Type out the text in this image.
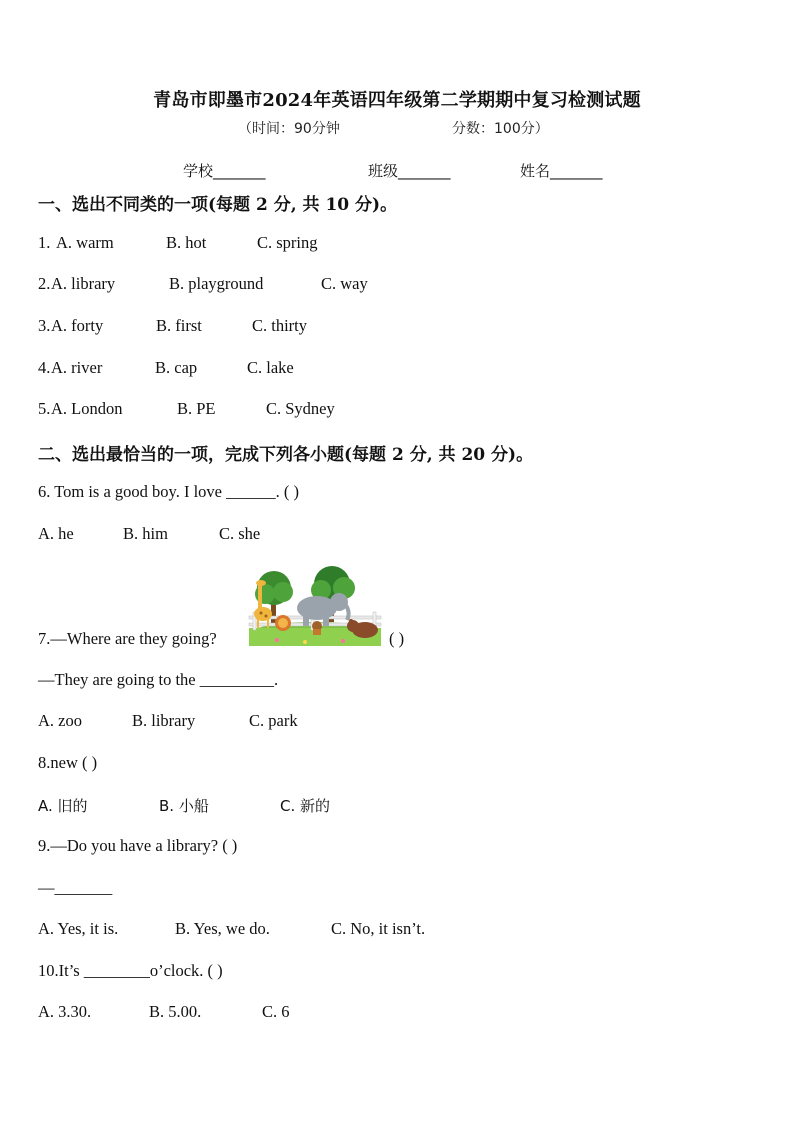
青岛市即墨市2024年英语四年级第二学期期中复习检测试题
（时间：90分钟	分数：100分）
学校_______	班级_______	姓名_______
一、选出不同类的一项(每题 2 分, 共 10 分)。
1. A. warm	B. hot	C. spring
2. A. library	B. playground	C. way
3. A. forty	B. first	C. thirty
4. A. river	B. cap	C. lake
5. A. London	B. PE	C. Sydney
二、选出最恰当的一项，完成下列各小题(每题 2 分, 共 20 分)。
6. Tom is a good boy. I love ______. ( )
A. he	B. him	C. she
7.—Where are they going?	( )
—They are going to the _________.
A. zoo	B. library	C. park
8.new ( )
A. 旧的	B. 小船	C. 新的
9.—Do you have a library? ( )
—_______
A. Yes, it is.	B. Yes, we do.	C. No, it isn’t.
10.It’s ________o’clock. ( )
A. 3.30.	B. 5.00.	C. 6
